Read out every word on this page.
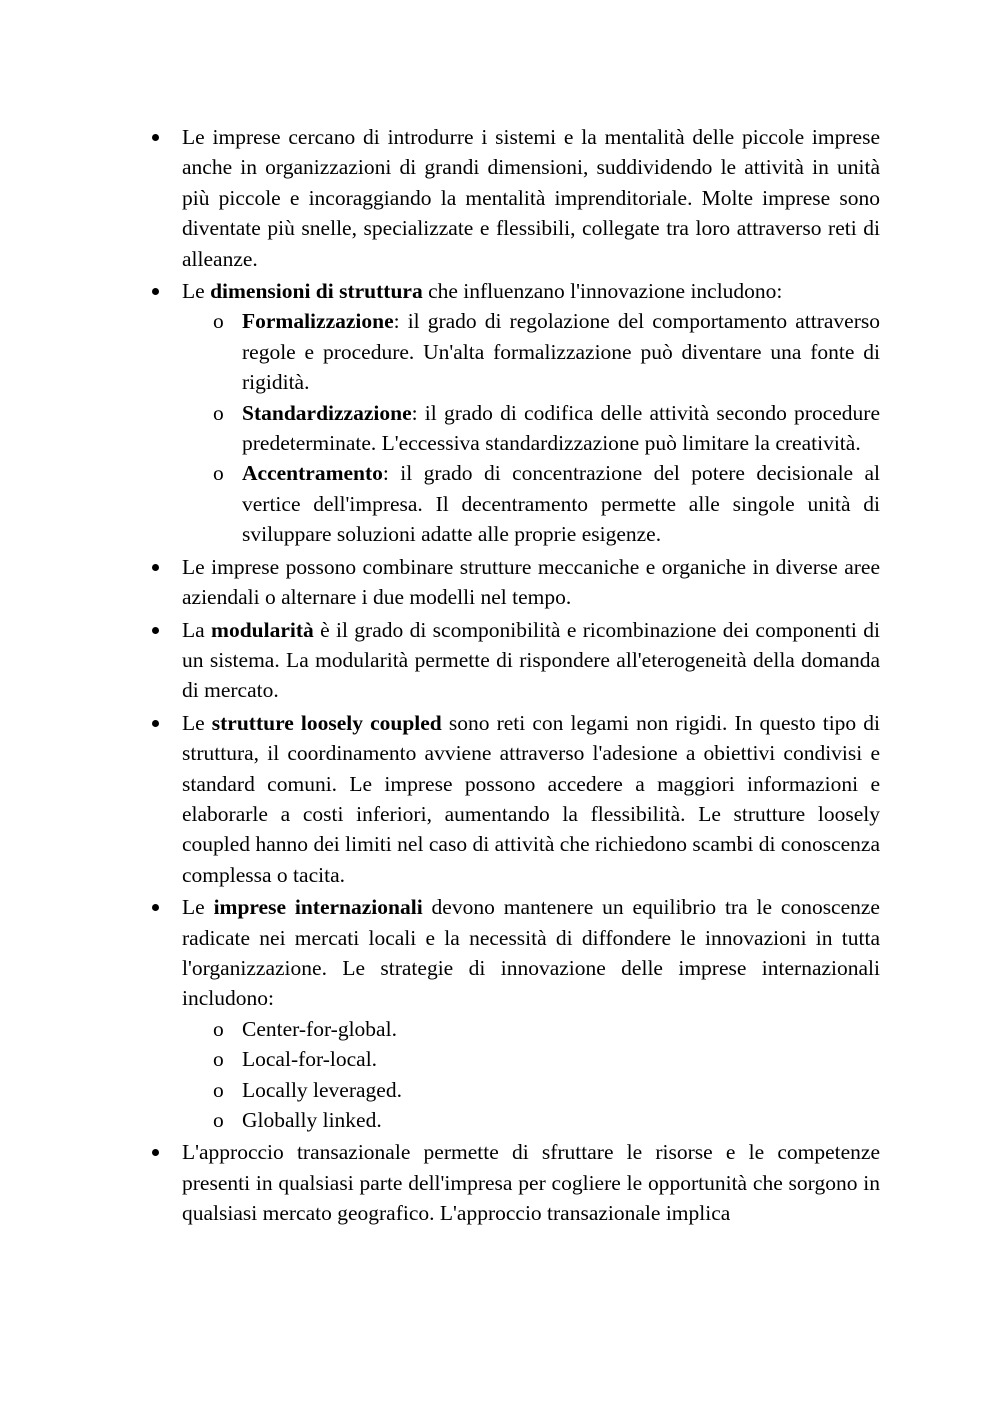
Le imprese cercano di introdurre i sistemi e la mentalità delle piccole imprese anche in organizzazioni di grandi dimensioni, suddividendo le attività in unità più piccole e incoraggiando la mentalità imprenditoriale. Molte imprese sono diventate più snelle, specializzate e flessibili, collegate tra loro attraverso reti di alleanze.
Le dimensioni di struttura che influenzano l'innovazione includono:
o Formalizzazione: il grado di regolazione del comportamento attraverso regole e procedure. Un'alta formalizzazione può diventare una fonte di rigidità.
o Standardizzazione: il grado di codifica delle attività secondo procedure predeterminate. L'eccessiva standardizzazione può limitare la creatività.
o Accentramento: il grado di concentrazione del potere decisionale al vertice dell'impresa. Il decentramento permette alle singole unità di sviluppare soluzioni adatte alle proprie esigenze.
Le imprese possono combinare strutture meccaniche e organiche in diverse aree aziendali o alternare i due modelli nel tempo.
La modularità è il grado di scomponibilità e ricombinazione dei componenti di un sistema. La modularità permette di rispondere all'eterogeneità della domanda di mercato.
Le strutture loosely coupled sono reti con legami non rigidi. In questo tipo di struttura, il coordinamento avviene attraverso l'adesione a obiettivi condivisi e standard comuni. Le imprese possono accedere a maggiori informazioni e elaborarle a costi inferiori, aumentando la flessibilità. Le strutture loosely coupled hanno dei limiti nel caso di attività che richiedono scambi di conoscenza complessa o tacita.
Le imprese internazionali devono mantenere un equilibrio tra le conoscenze radicate nei mercati locali e la necessità di diffondere le innovazioni in tutta l'organizzazione. Le strategie di innovazione delle imprese internazionali includono:
o Center-for-global.
o Local-for-local.
o Locally leveraged.
o Globally linked.
L'approccio transazionale permette di sfruttare le risorse e le competenze presenti in qualsiasi parte dell'impresa per cogliere le opportunità che sorgono in qualsiasi mercato geografico. L'approccio transazionale implica
